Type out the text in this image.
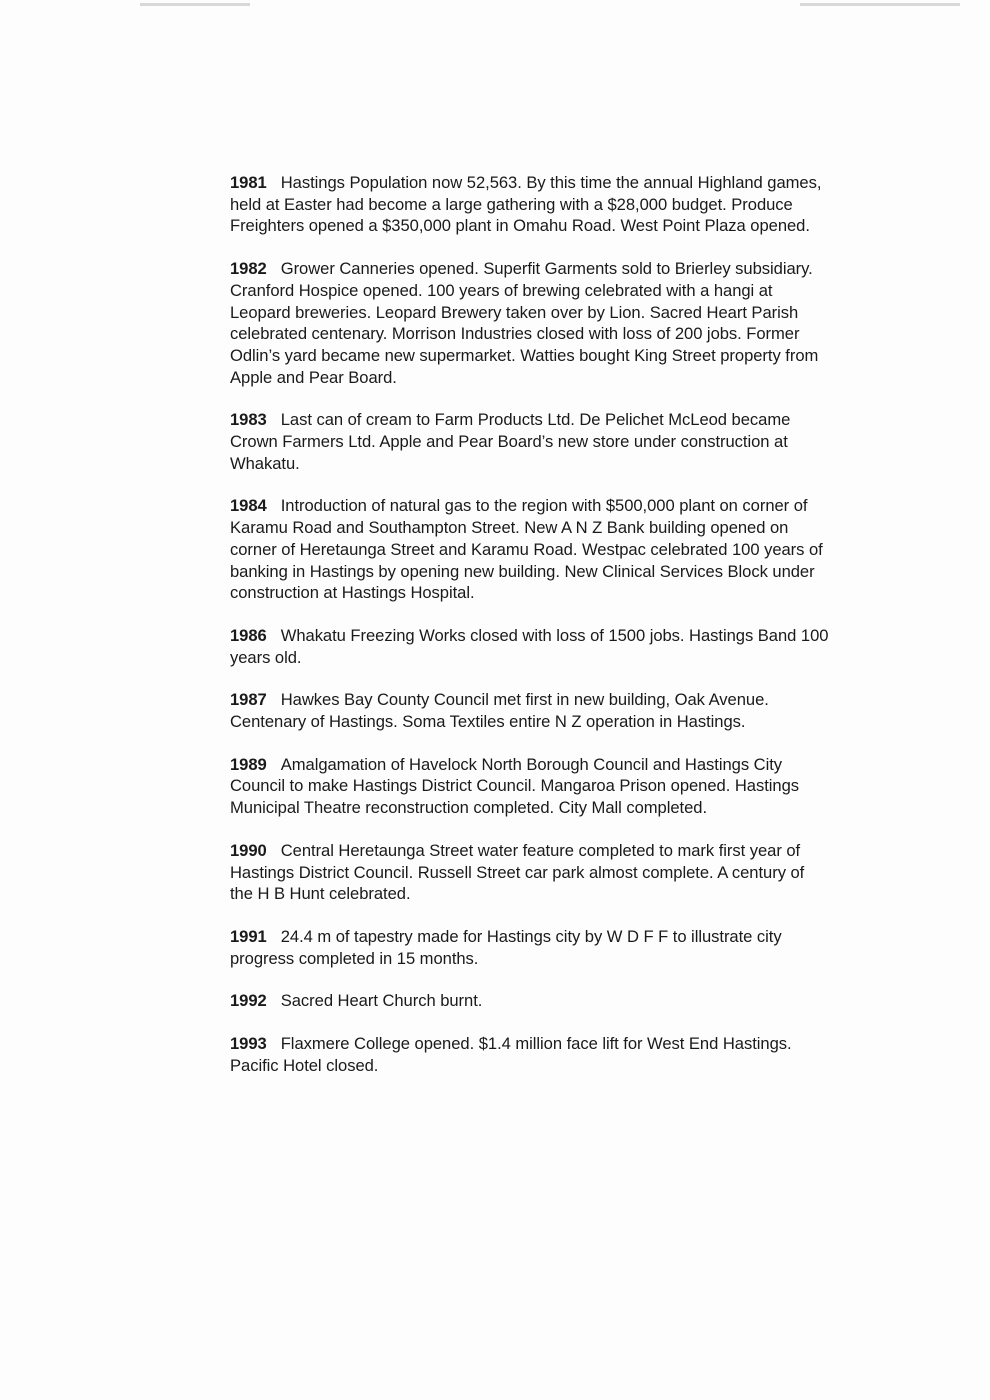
1981 Hastings Population now 52,563. By this time the annual Highland games, held at Easter had become a large gathering with a $28,000 budget. Produce Freighters opened a $350,000 plant in Omahu Road. West Point Plaza opened.

1982 Grower Canneries opened. Superfit Garments sold to Brierley subsidiary. Cranford Hospice opened. 100 years of brewing celebrated with a hangi at Leopard breweries. Leopard Brewery taken over by Lion. Sacred Heart Parish celebrated centenary. Morrison Industries closed with loss of 200 jobs. Former Odlin’s yard became new supermarket. Watties bought King Street property from Apple and Pear Board.

1983 Last can of cream to Farm Products Ltd. De Pelichet McLeod became Crown Farmers Ltd. Apple and Pear Board’s new store under construction at Whakatu.

1984 Introduction of natural gas to the region with $500,000 plant on corner of Karamu Road and Southampton Street. New A N Z Bank building opened on corner of Heretaunga Street and Karamu Road. Westpac celebrated 100 years of banking in Hastings by opening new building. New Clinical Services Block under construction at Hastings Hospital.

1986 Whakatu Freezing Works closed with loss of 1500 jobs. Hastings Band 100 years old.

1987 Hawkes Bay County Council met first in new building, Oak Avenue. Centenary of Hastings. Soma Textiles entire N Z operation in Hastings.

1989 Amalgamation of Havelock North Borough Council and Hastings City Council to make Hastings District Council. Mangaroa Prison opened. Hastings Municipal Theatre reconstruction completed. City Mall completed.

1990 Central Heretaunga Street water feature completed to mark first year of Hastings District Council. Russell Street car park almost complete. A century of the H B Hunt celebrated.

1991 24.4 m of tapestry made for Hastings city by W D F F to illustrate city progress completed in 15 months.

1992 Sacred Heart Church burnt.

1993 Flaxmere College opened. $1.4 million face lift for West End Hastings. Pacific Hotel closed.
